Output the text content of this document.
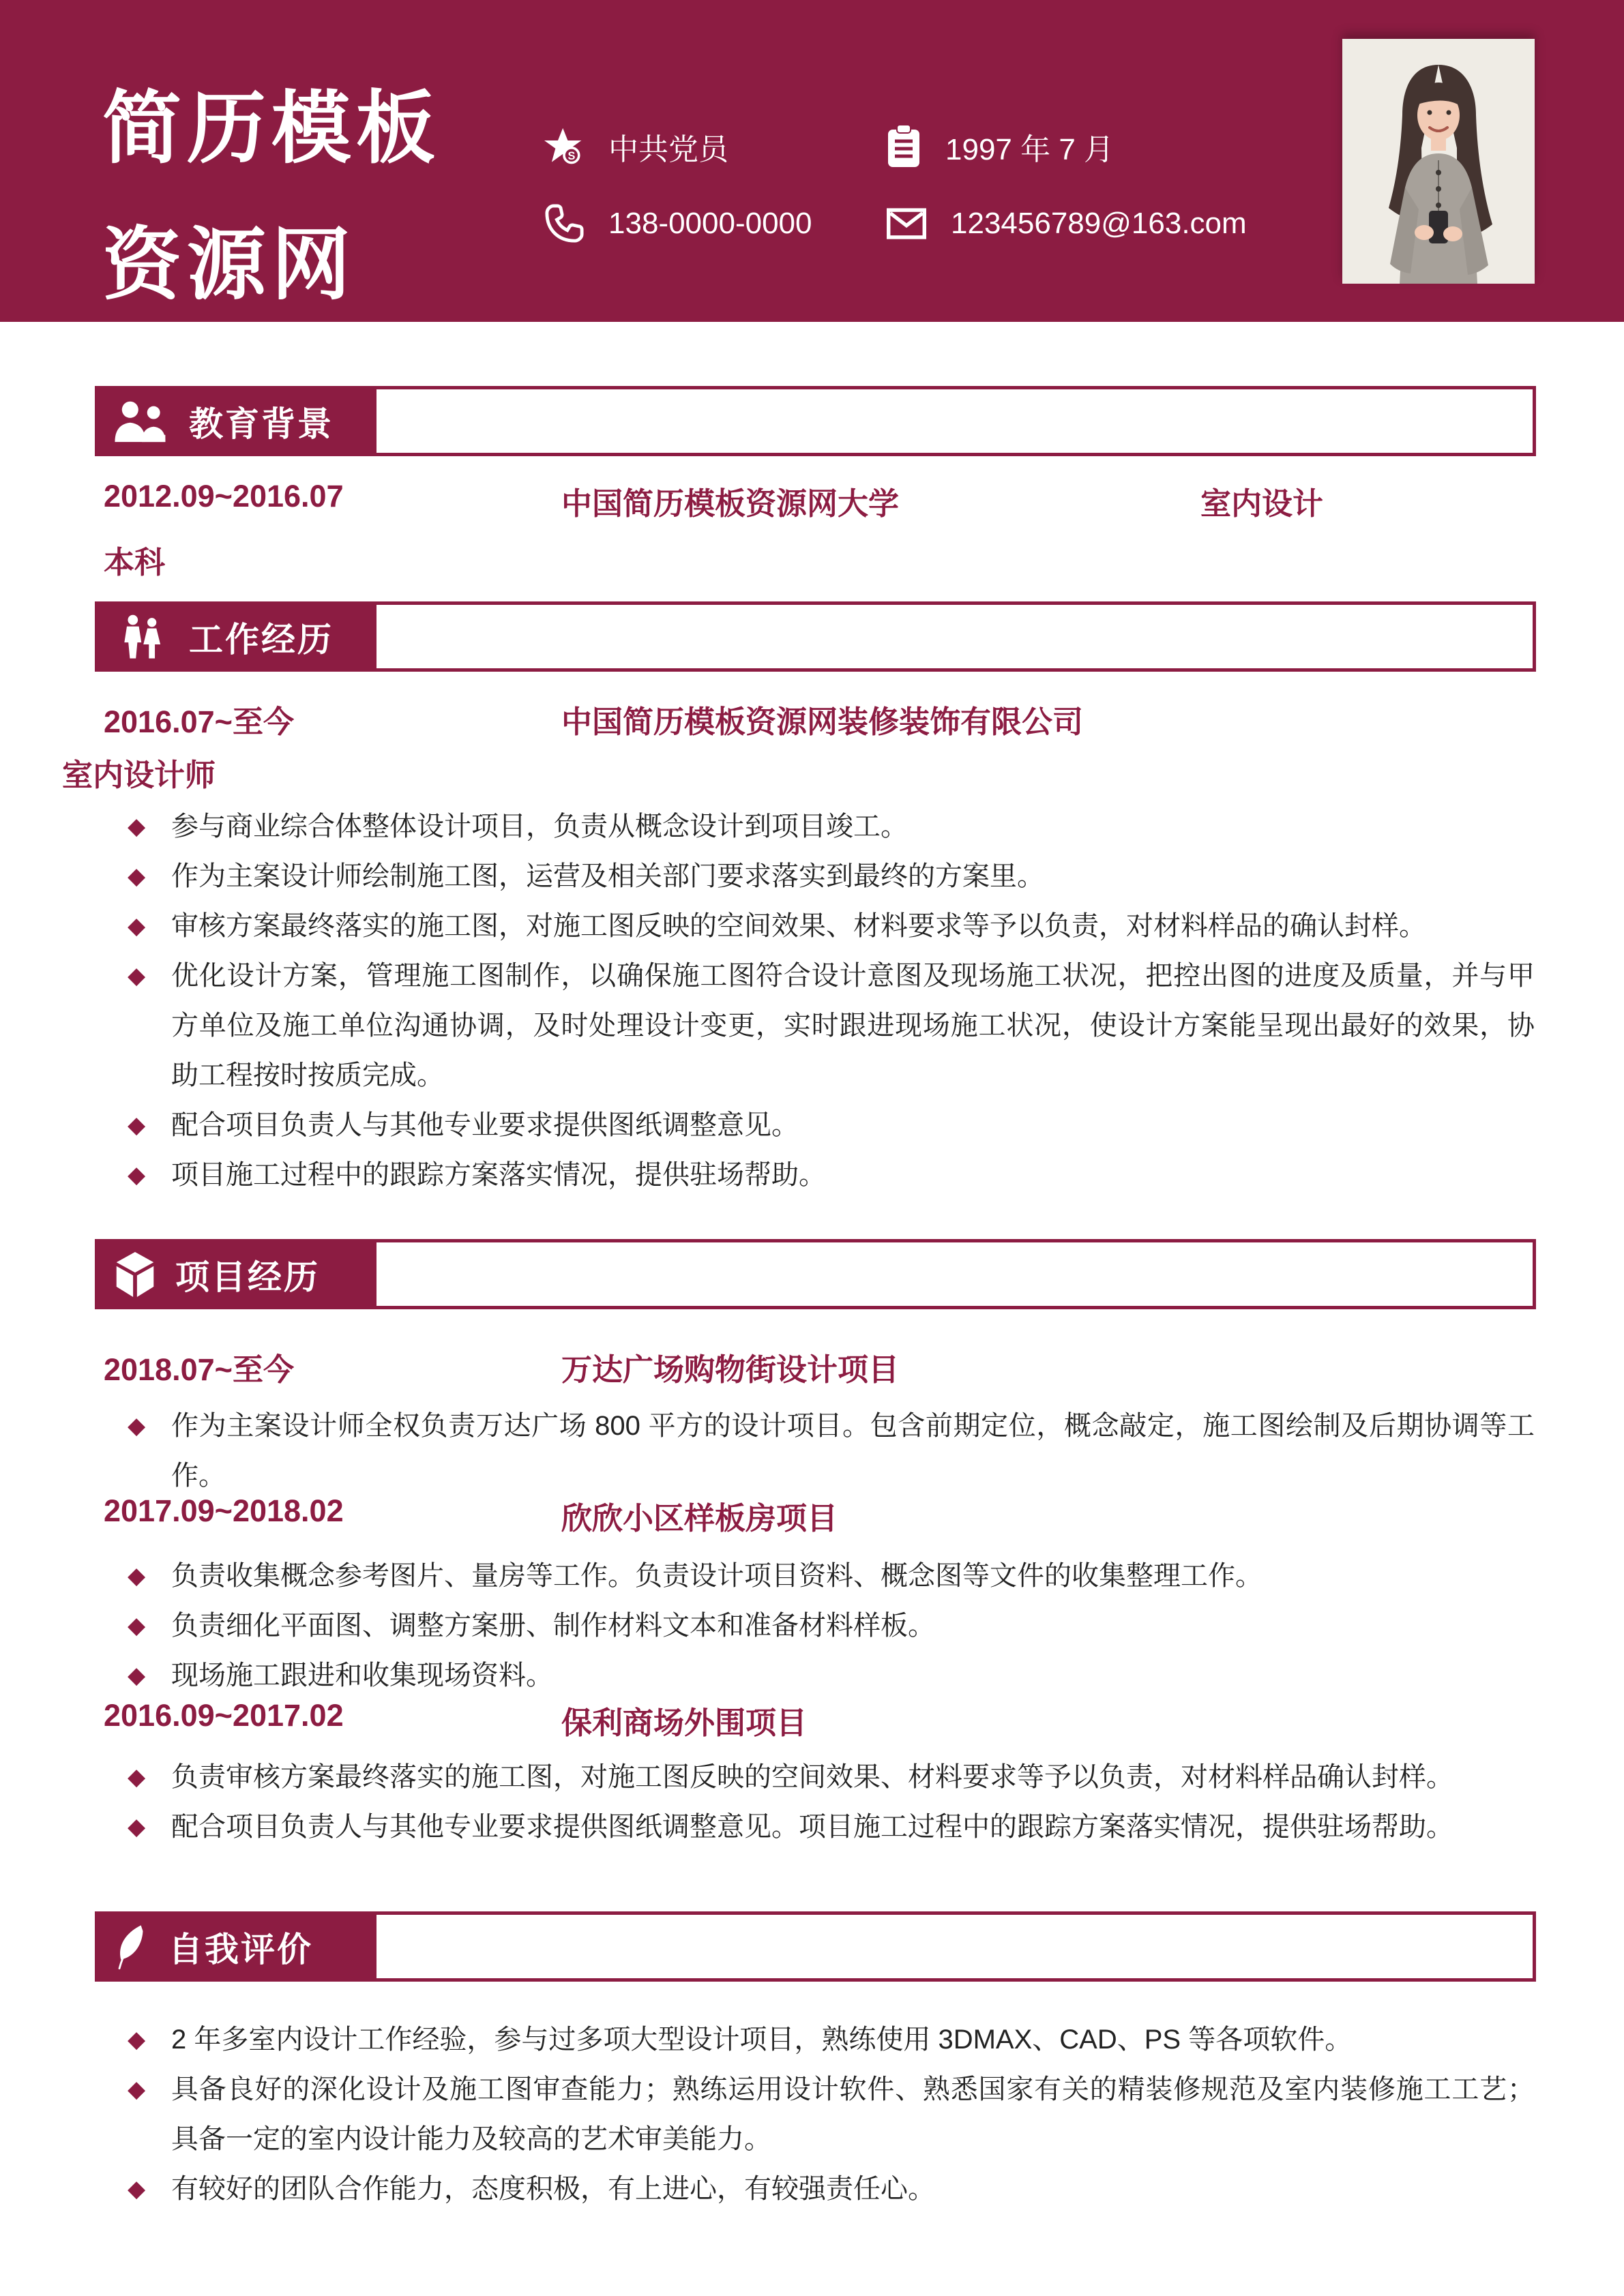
简历模板
资源网
S 中共党员	1997 年 7 月
138-0000-0000	123456789@163.com
教育背景
2012.09~2016.07	中国简历模板资源网大学	室内设计
本科
工作经历
2016.07~至今	中国简历模板资源网装修装饰有限公司
室内设计师
◆ 参与商业综合体整体设计项目，负责从概念设计到项目竣工。
◆ 作为主案设计师绘制施工图，运营及相关部门要求落实到最终的方案里。
◆ 审核方案最终落实的施工图，对施工图反映的空间效果、材料要求等予以负责，对材料样品的确认封样。
◆ 优化设计方案，管理施工图制作，以确保施工图符合设计意图及现场施工状况，把控出图的进度及质量，并与甲方单位及施工单位沟通协调，及时处理设计变更，实时跟进现场施工状况，使设计方案能呈现出最好的效果，协助工程按时按质完成。
◆ 配合项目负责人与其他专业要求提供图纸调整意见。
◆ 项目施工过程中的跟踪方案落实情况，提供驻场帮助。
项目经历
2018.07~至今	万达广场购物街设计项目
◆ 作为主案设计师全权负责万达广场 800 平方的设计项目。包含前期定位，概念敲定，施工图绘制及后期协调等工作。
2017.09~2018.02	欣欣小区样板房项目
◆ 负责收集概念参考图片、量房等工作。负责设计项目资料、概念图等文件的收集整理工作。
◆ 负责细化平面图、调整方案册、制作材料文本和准备材料样板。
◆ 现场施工跟进和收集现场资料。
2016.09~2017.02	保利商场外围项目
◆ 负责审核方案最终落实的施工图，对施工图反映的空间效果、材料要求等予以负责，对材料样品确认封样。
◆ 配合项目负责人与其他专业要求提供图纸调整意见。项目施工过程中的跟踪方案落实情况，提供驻场帮助。
自我评价
◆ 2 年多室内设计工作经验，参与过多项大型设计项目，熟练使用 3DMAX、CAD、PS 等各项软件。
◆ 具备良好的深化设计及施工图审查能力；熟练运用设计软件、熟悉国家有关的精装修规范及室内装修施工工艺；具备一定的室内设计能力及较高的艺术审美能力。
◆ 有较好的团队合作能力，态度积极，有上进心，有较强责任心。
